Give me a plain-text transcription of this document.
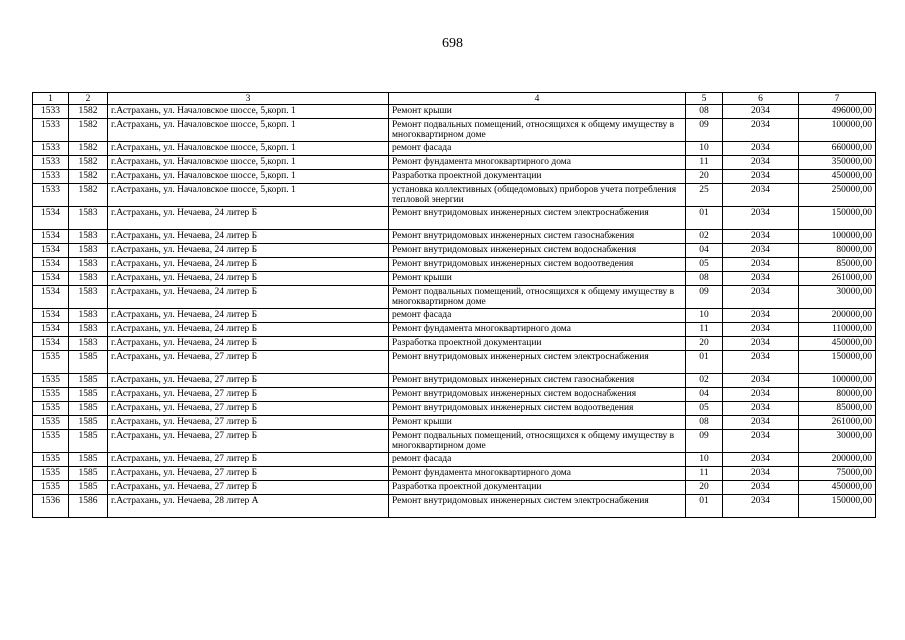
698
1	2	3	4	5	6	7
1533	1582	г.Астрахань, ул. Началовское шоссе, 5,корп. 1	Ремонт крыши	08	2034	496000,00
1533	1582	г.Астрахань, ул. Началовское шоссе, 5,корп. 1	Ремонт подвальных помещений, относящихся к общему имуществу в многоквартирном доме	09	2034	100000,00
1533	1582	г.Астрахань, ул. Началовское шоссе, 5,корп. 1	ремонт фасада	10	2034	660000,00
1533	1582	г.Астрахань, ул. Началовское шоссе, 5,корп. 1	Ремонт фундамента многоквартирного дома	11	2034	350000,00
1533	1582	г.Астрахань, ул. Началовское шоссе, 5,корп. 1	Разработка проектной документации	20	2034	450000,00
1533	1582	г.Астрахань, ул. Началовское шоссе, 5,корп. 1	установка коллективных (общедомовых) приборов учета потребления тепловой энергии	25	2034	250000,00
1534	1583	г.Астрахань, ул. Нечаева, 24 литер Б	Ремонт внутридомовых инженерных систем электроснабжения	01	2034	150000,00
1534	1583	г.Астрахань, ул. Нечаева, 24 литер Б	Ремонт внутридомовых инженерных систем газоснабжения	02	2034	100000,00
1534	1583	г.Астрахань, ул. Нечаева, 24 литер Б	Ремонт внутридомовых инженерных систем водоснабжения	04	2034	80000,00
1534	1583	г.Астрахань, ул. Нечаева, 24 литер Б	Ремонт внутридомовых инженерных систем водоотведения	05	2034	85000,00
1534	1583	г.Астрахань, ул. Нечаева, 24 литер Б	Ремонт крыши	08	2034	261000,00
1534	1583	г.Астрахань, ул. Нечаева, 24 литер Б	Ремонт подвальных помещений, относящихся к общему имуществу в многоквартирном доме	09	2034	30000,00
1534	1583	г.Астрахань, ул. Нечаева, 24 литер Б	ремонт фасада	10	2034	200000,00
1534	1583	г.Астрахань, ул. Нечаева, 24 литер Б	Ремонт фундамента многоквартирного дома	11	2034	110000,00
1534	1583	г.Астрахань, ул. Нечаева, 24 литер Б	Разработка проектной документации	20	2034	450000,00
1535	1585	г.Астрахань, ул. Нечаева, 27 литер Б	Ремонт внутридомовых инженерных систем электроснабжения	01	2034	150000,00
1535	1585	г.Астрахань, ул. Нечаева, 27 литер Б	Ремонт внутридомовых инженерных систем газоснабжения	02	2034	100000,00
1535	1585	г.Астрахань, ул. Нечаева, 27 литер Б	Ремонт внутридомовых инженерных систем водоснабжения	04	2034	80000,00
1535	1585	г.Астрахань, ул. Нечаева, 27 литер Б	Ремонт внутридомовых инженерных систем водоотведения	05	2034	85000,00
1535	1585	г.Астрахань, ул. Нечаева, 27 литер Б	Ремонт крыши	08	2034	261000,00
1535	1585	г.Астрахань, ул. Нечаева, 27 литер Б	Ремонт подвальных помещений, относящихся к общему имуществу в многоквартирном доме	09	2034	30000,00
1535	1585	г.Астрахань, ул. Нечаева, 27 литер Б	ремонт фасада	10	2034	200000,00
1535	1585	г.Астрахань, ул. Нечаева, 27 литер Б	Ремонт фундамента многоквартирного дома	11	2034	75000,00
1535	1585	г.Астрахань, ул. Нечаева, 27 литер Б	Разработка проектной документации	20	2034	450000,00
1536	1586	г.Астрахань, ул. Нечаева, 28 литер А	Ремонт внутридомовых инженерных систем электроснабжения	01	2034	150000,00
